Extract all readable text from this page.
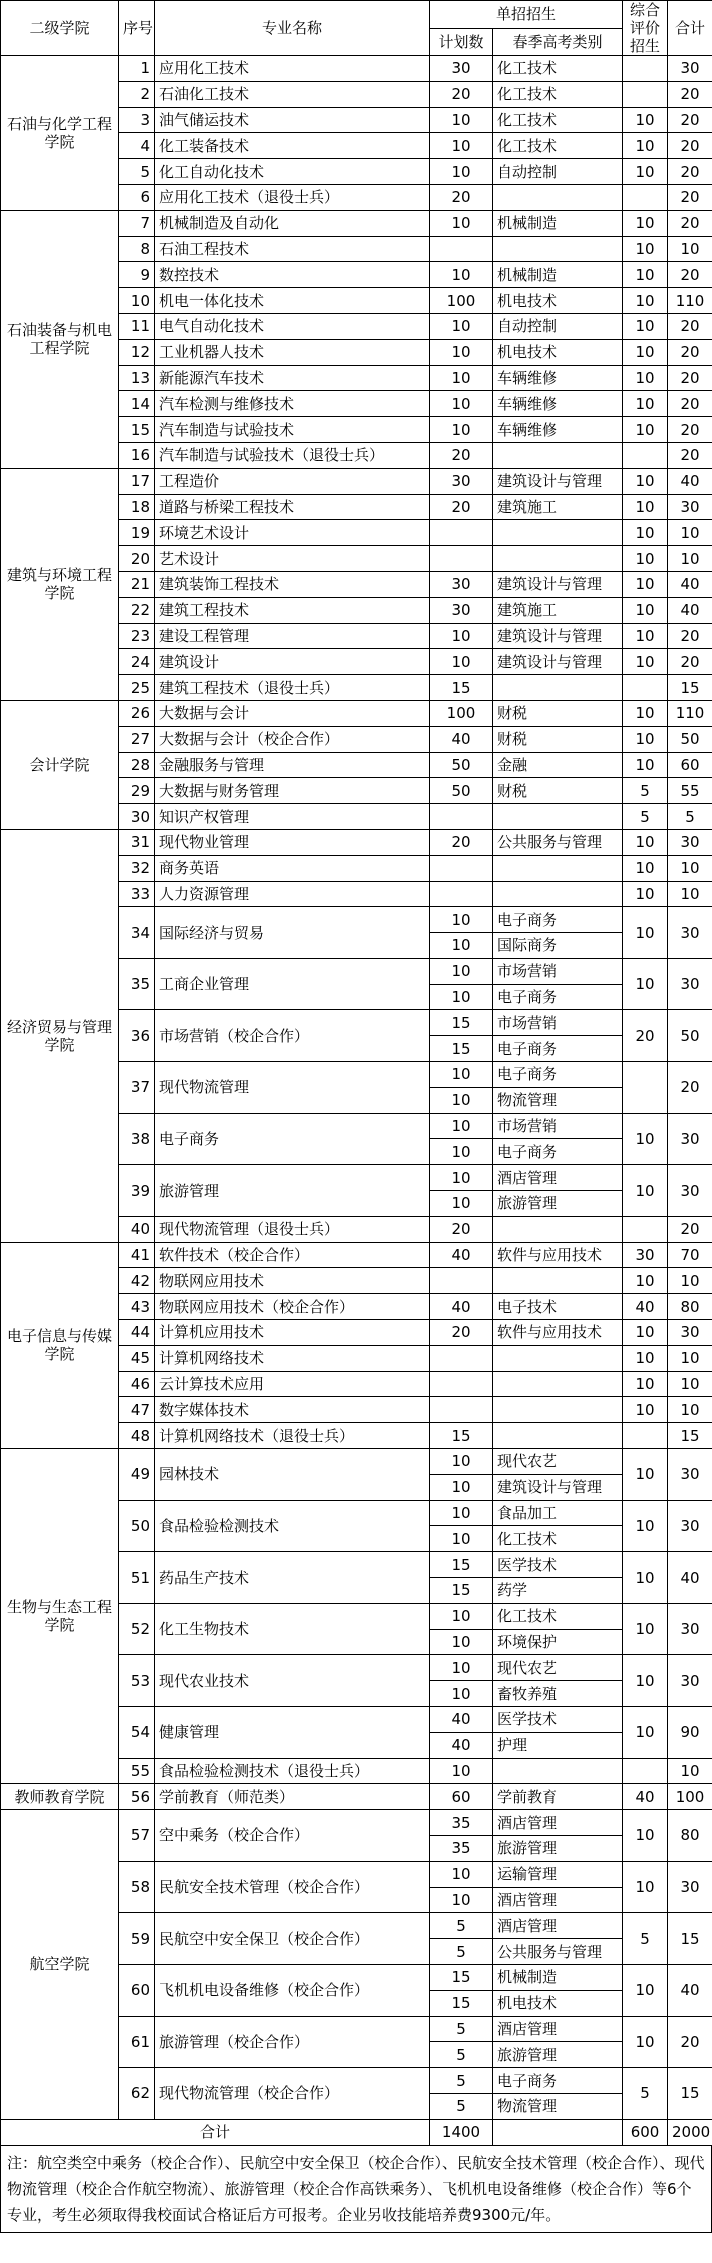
二级学院	序号	专业名称	单招招生		综合评价招生	合计
			计划数	春季高考类别		
石油与化学工程学院	1	应用化工技术	30	化工技术		30
	2	石油化工技术	20	化工技术		20
	3	油气储运技术	10	化工技术	10	20
	4	化工装备技术	10	化工技术	10	20
	5	化工自动化技术	10	自动控制	10	20
	6	应用化工技术（退役士兵）	20			20
石油装备与机电工程学院	7	机械制造及自动化	10	机械制造	10	20
	8	石油工程技术			10	10
	9	数控技术	10	机械制造	10	20
	10	机电一体化技术	100	机电技术	10	110
	11	电气自动化技术	10	自动控制	10	20
	12	工业机器人技术	10	机电技术	10	20
	13	新能源汽车技术	10	车辆维修	10	20
	14	汽车检测与维修技术	10	车辆维修	10	20
	15	汽车制造与试验技术	10	车辆维修	10	20
	16	汽车制造与试验技术（退役士兵）	20			20
建筑与环境工程学院	17	工程造价	30	建筑设计与管理	10	40
	18	道路与桥梁工程技术	20	建筑施工	10	30
	19	环境艺术设计			10	10
	20	艺术设计			10	10
	21	建筑装饰工程技术	30	建筑设计与管理	10	40
	22	建筑工程技术	30	建筑施工	10	40
	23	建设工程管理	10	建筑设计与管理	10	20
	24	建筑设计	10	建筑设计与管理	10	20
	25	建筑工程技术（退役士兵）	15			15
会计学院	26	大数据与会计	100	财税	10	110
	27	大数据与会计（校企合作）	40	财税	10	50
	28	金融服务与管理	50	金融	10	60
	29	大数据与财务管理	50	财税	5	55
	30	知识产权管理			5	5
经济贸易与管理学院	31	现代物业管理	20	公共服务与管理	10	30
	32	商务英语			10	10
	33	人力资源管理			10	10
	34	国际经济与贸易	10	电子商务	10	30
			10	国际商务		
	35	工商企业管理	10	市场营销	10	30
			10	电子商务		
	36	市场营销（校企合作）	15	市场营销	20	50
			15	电子商务		
	37	现代物流管理	10	电子商务		20
			10	物流管理		
	38	电子商务	10	市场营销	10	30
			10	电子商务		
	39	旅游管理	10	酒店管理	10	30
			10	旅游管理		
	40	现代物流管理（退役士兵）	20			20
电子信息与传媒学院	41	软件技术（校企合作）	40	软件与应用技术	30	70
	42	物联网应用技术			10	10
	43	物联网应用技术（校企合作）	40	电子技术	40	80
	44	计算机应用技术	20	软件与应用技术	10	30
	45	计算机网络技术			10	10
	46	云计算技术应用			10	10
	47	数字媒体技术			10	10
	48	计算机网络技术（退役士兵）	15			15
生物与生态工程学院	49	园林技术	10	现代农艺	10	30
			10	建筑设计与管理		
	50	食品检验检测技术	10	食品加工	10	30
			10	化工技术		
	51	药品生产技术	15	医学技术	10	40
			15	药学		
	52	化工生物技术	10	化工技术	10	30
			10	环境保护		
	53	现代农业技术	10	现代农艺	10	30
			10	畜牧养殖		
	54	健康管理	40	医学技术	10	90
			40	护理		
	55	食品检验检测技术（退役士兵）	10			10
教师教育学院	56	学前教育（师范类）	60	学前教育	40	100
航空学院	57	空中乘务（校企合作）	35	酒店管理	10	80
			35	旅游管理		
	58	民航安全技术管理（校企合作）	10	运输管理	10	30
			10	酒店管理		
	59	民航空中安全保卫（校企合作）	5	酒店管理	5	15
			5	公共服务与管理		
	60	飞机机电设备维修（校企合作）	15	机械制造	10	40
			15	机电技术		
	61	旅游管理（校企合作）	5	酒店管理	10	20
			5	旅游管理		
	62	现代物流管理（校企合作）	5	电子商务	5	15
			5	物流管理		
合计			1400		600	2000
注：航空类空中乘务（校企合作）、民航空中安全保卫（校企合作）、民航安全技术管理（校企合作）、现代物流管理（校企合作航空物流）、旅游管理（校企合作高铁乘务）、飞机机电设备维修（校企合作）等6个专业，考生必须取得我校面试合格证后方可报考。企业另收技能培养费9300元/年。
